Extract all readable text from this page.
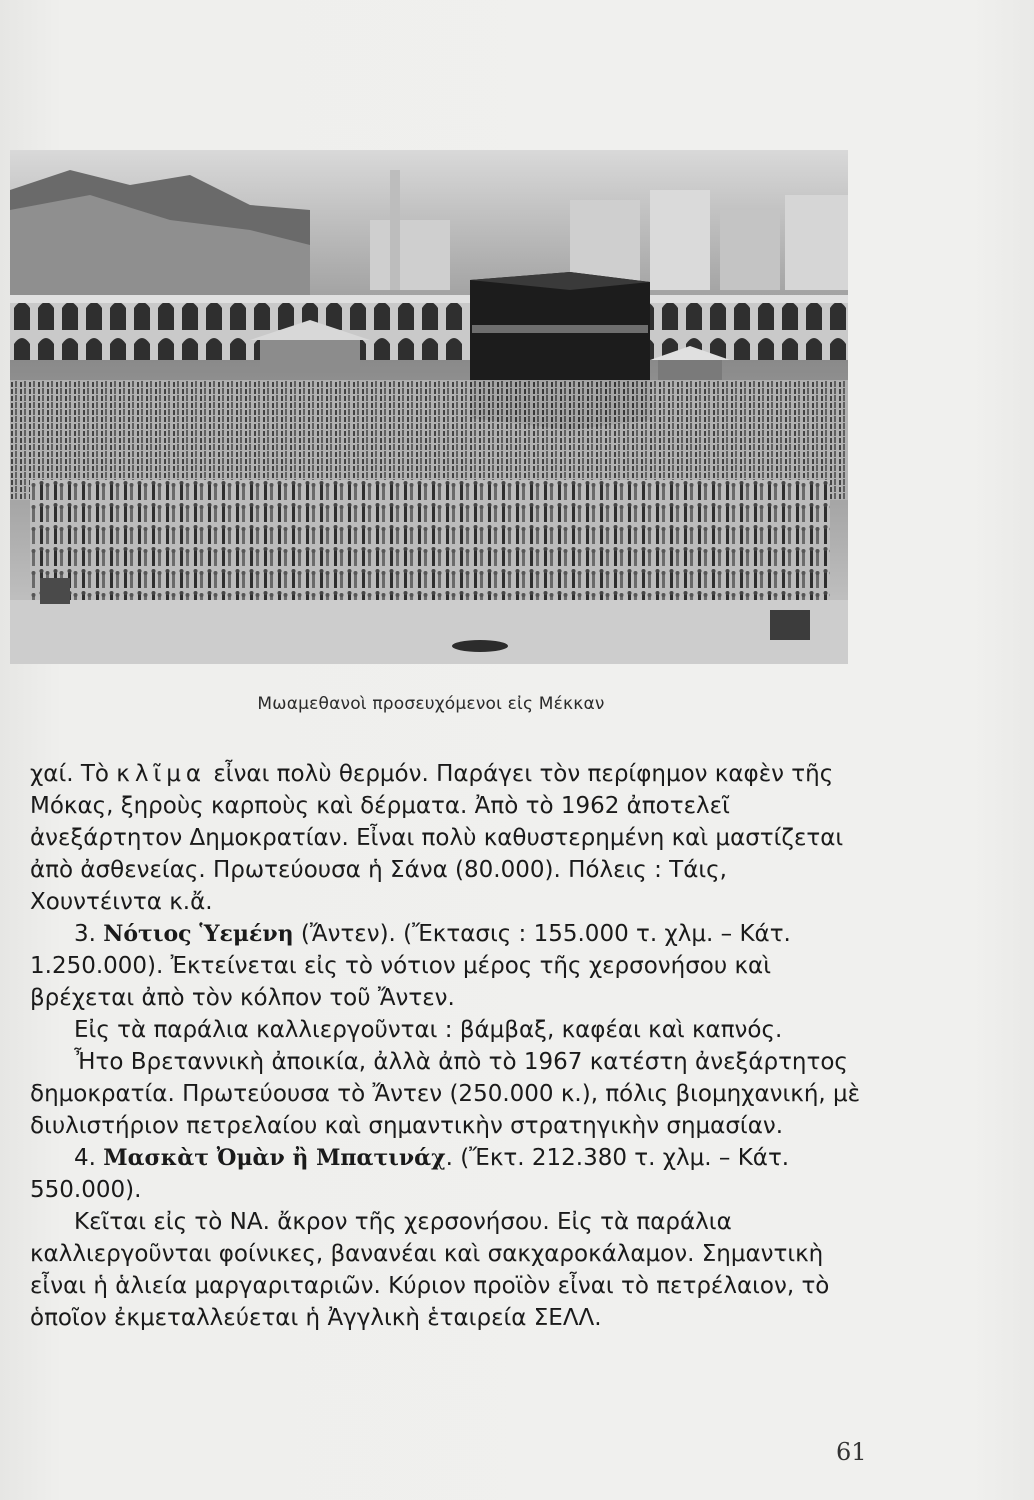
Μωαμεθανοὶ προσευχόμενοι εἰς Μέκκαν

χαί. Τὸ κλῖμα εἶναι πολὺ θερμόν. Παράγει τὸν περίφημον καφὲν τῆς Μόκας, ξηροὺς καρποὺς καὶ δέρματα. Ἀπὸ τὸ 1962 ἀποτελεῖ ἀνεξάρτητον Δημοκρατίαν. Εἶναι πολὺ καθυστερημένη καὶ μαστίζεται ἀπὸ ἀσθενείας. Πρωτεύουσα ἡ Σάνα (80.000). Πόλεις : Τάις, Χουντέιντα κ.ἄ.

3. Νότιος Ὑεμένη (Ἄντεν). (Ἔκτασις : 155.000 τ. χλμ. – Κάτ. 1.250.000). Ἐκτείνεται εἰς τὸ νότιον μέρος τῆς χερσονήσου καὶ βρέχεται ἀπὸ τὸν κόλπον τοῦ Ἄντεν.

Εἰς τὰ παράλια καλλιεργοῦνται : βάμβαξ, καφέαι καὶ καπνός.

Ἦτο Βρεταννικὴ ἀποικία, ἀλλὰ ἀπὸ τὸ 1967 κατέστη ἀνεξάρτητος δημοκρατία. Πρωτεύουσα τὸ Ἄντεν (250.000 κ.), πόλις βιομηχανική, μὲ διυλιστήριον πετρελαίου καὶ σημαντικὴν στρατηγικὴν σημασίαν.

4. Μασκὰτ Ὀμὰν ἢ Μπατινάχ. (Ἔκτ. 212.380 τ. χλμ. – Κάτ. 550.000).

Κεῖται εἰς τὸ ΝΑ. ἄκρον τῆς χερσονήσου. Εἰς τὰ παράλια καλλιεργοῦνται φοίνικες, βανανέαι καὶ σακχαροκάλαμον. Σημαντικὴ εἶναι ἡ ἁλιεία μαργαριταριῶν. Κύριον προϊὸν εἶναι τὸ πετρέλαιον, τὸ ὁποῖον ἐκμεταλλεύεται ἡ Ἀγγλικὴ ἑταιρεία ΣΕΛΛ.

61
